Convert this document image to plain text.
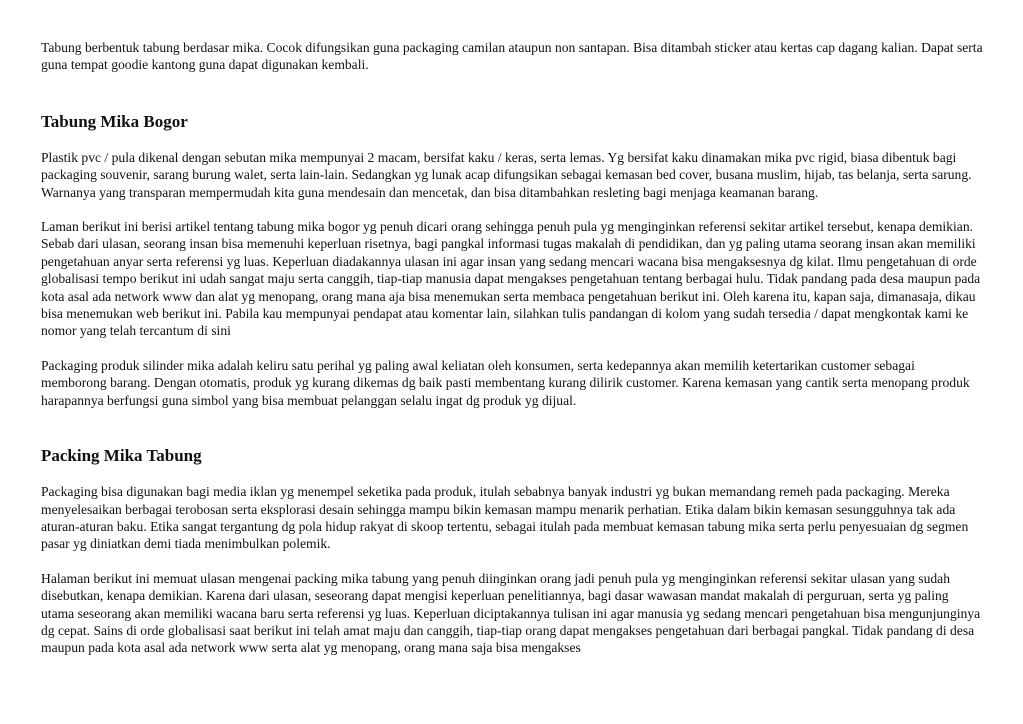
Tabung berbentuk tabung berdasar mika. Cocok difungsikan guna packaging camilan ataupun non santapan. Bisa ditambah sticker atau kertas cap dagang kalian. Dapat serta guna tempat goodie kantong guna dapat digunakan kembali.

Tabung Mika Bogor

Plastik pvc / pula dikenal dengan sebutan mika mempunyai 2 macam, bersifat kaku / keras, serta lemas. Yg bersifat kaku dinamakan mika pvc rigid, biasa dibentuk bagi packaging souvenir, sarang burung walet, serta lain-lain. Sedangkan yg lunak acap difungsikan sebagai kemasan bed cover, busana muslim, hijab, tas belanja, serta sarung. Warnanya yang transparan mempermudah kita guna mendesain dan mencetak, dan bisa ditambahkan resleting bagi menjaga keamanan barang.

Laman berikut ini berisi artikel tentang tabung mika bogor yg penuh dicari orang sehingga penuh pula yg menginginkan referensi sekitar artikel tersebut, kenapa demikian. Sebab dari ulasan, seorang insan bisa memenuhi keperluan risetnya, bagi pangkal informasi tugas makalah di pendidikan, dan yg paling utama seorang insan akan memiliki pengetahuan anyar serta referensi yg luas. Keperluan diadakannya ulasan ini agar insan yang sedang mencari wacana bisa mengaksesnya dg kilat. Ilmu pengetahuan di orde globalisasi tempo berikut ini udah sangat maju serta canggih, tiap-tiap manusia dapat mengakses pengetahuan tentang berbagai hulu. Tidak pandang pada desa maupun pada kota asal ada network www dan alat yg menopang, orang mana aja bisa menemukan serta membaca pengetahuan berikut ini. Oleh karena itu, kapan saja, dimanasaja, dikau bisa menemukan web berikut ini. Pabila kau mempunyai pendapat atau komentar lain, silahkan tulis pandangan di kolom yang sudah tersedia / dapat mengkontak kami ke nomor yang telah tercantum di sini

Packaging produk silinder mika adalah keliru satu perihal yg paling awal keliatan oleh konsumen, serta kedepannya akan memilih ketertarikan customer sebagai memborong barang. Dengan otomatis, produk yg kurang dikemas dg baik pasti membentang kurang dilirik customer. Karena kemasan yang cantik serta menopang produk harapannya berfungsi guna simbol yang bisa membuat pelanggan selalu ingat dg produk yg dijual.

Packing Mika Tabung

Packaging bisa digunakan bagi media iklan yg menempel seketika pada produk, itulah sebabnya banyak industri yg bukan memandang remeh pada packaging. Mereka menyelesaikan berbagai terobosan serta eksplorasi desain sehingga mampu bikin kemasan mampu menarik perhatian. Etika dalam bikin kemasan sesungguhnya tak ada aturan-aturan baku. Etika sangat tergantung dg pola hidup rakyat di skoop tertentu, sebagai itulah pada membuat kemasan tabung mika serta perlu penyesuaian dg segmen pasar yg diniatkan demi tiada menimbulkan polemik.

Halaman berikut ini memuat ulasan mengenai packing mika tabung yang penuh diinginkan orang jadi penuh pula yg menginginkan referensi sekitar ulasan yang sudah disebutkan, kenapa demikian. Karena dari ulasan, seseorang dapat mengisi keperluan penelitiannya, bagi dasar wawasan mandat makalah di perguruan, serta yg paling utama seseorang akan memiliki wacana baru serta referensi yg luas. Keperluan diciptakannya tulisan ini agar manusia yg sedang mencari pengetahuan bisa mengunjunginya dg cepat. Sains di orde globalisasi saat berikut ini telah amat maju dan canggih, tiap-tiap orang dapat mengakses pengetahuan dari berbagai pangkal. Tidak pandang di desa maupun pada kota asal ada network www serta alat yg menopang, orang mana saja bisa mengakses
